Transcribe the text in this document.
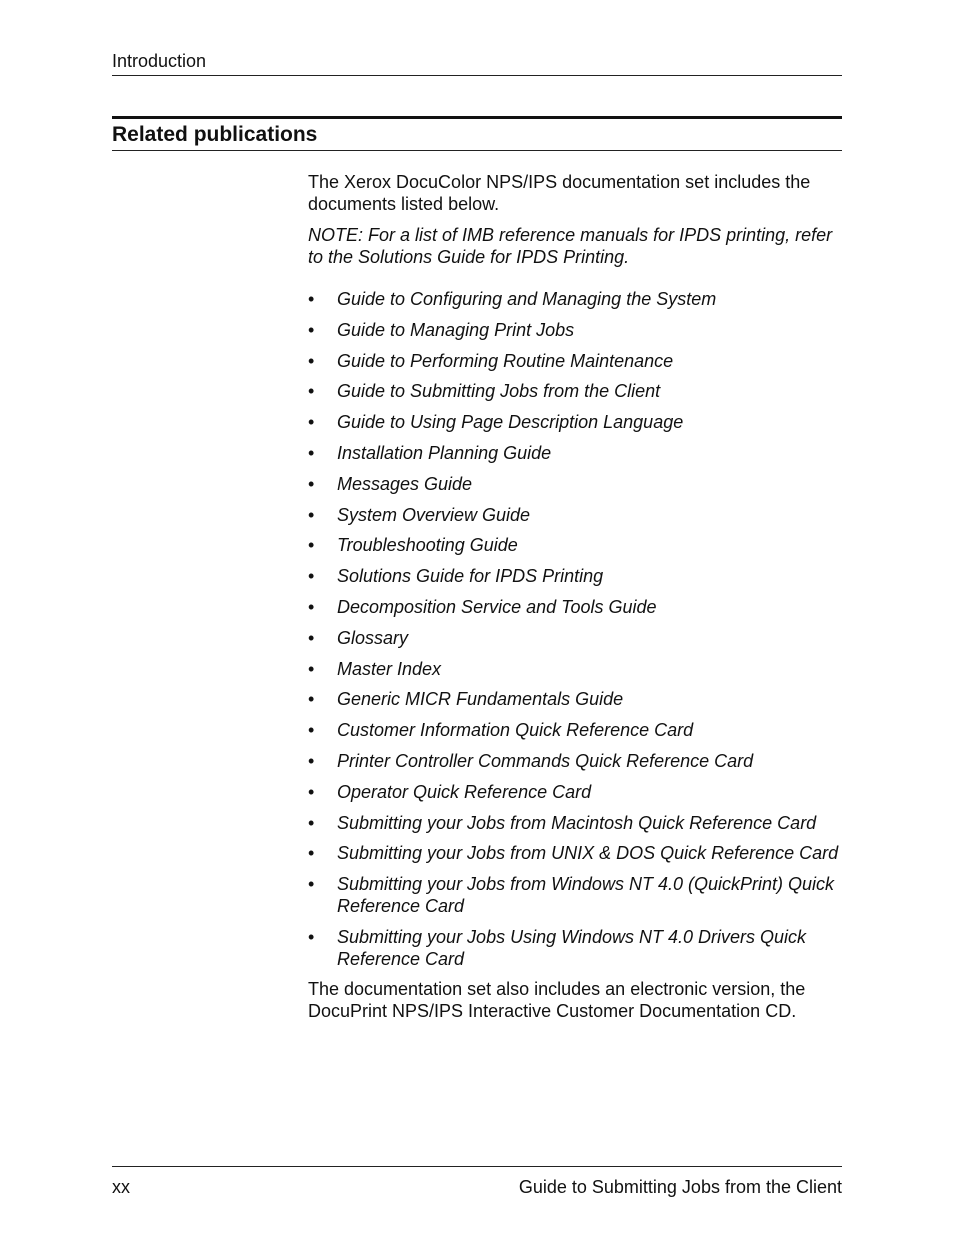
Introduction
Related publications

The Xerox DocuColor NPS/IPS documentation set includes the documents listed below.

NOTE: For a list of IMB reference manuals for IPDS printing, refer to the Solutions Guide for IPDS Printing.

• Guide to Configuring and Managing the System
• Guide to Managing Print Jobs
• Guide to Performing Routine Maintenance
• Guide to Submitting Jobs from the Client
• Guide to Using Page Description Language
• Installation Planning Guide
• Messages Guide
• System Overview Guide
• Troubleshooting Guide
• Solutions Guide for IPDS Printing
• Decomposition Service and Tools Guide
• Glossary
• Master Index
• Generic MICR Fundamentals Guide
• Customer Information Quick Reference Card
• Printer Controller Commands Quick Reference Card
• Operator Quick Reference Card
• Submitting your Jobs from Macintosh Quick Reference Card
• Submitting your Jobs from UNIX & DOS Quick Reference Card
• Submitting your Jobs from Windows NT 4.0 (QuickPrint) Quick Reference Card
• Submitting your Jobs Using Windows NT 4.0 Drivers Quick Reference Card

The documentation set also includes an electronic version, the DocuPrint NPS/IPS Interactive Customer Documentation CD.

xx	Guide to Submitting Jobs from the Client
